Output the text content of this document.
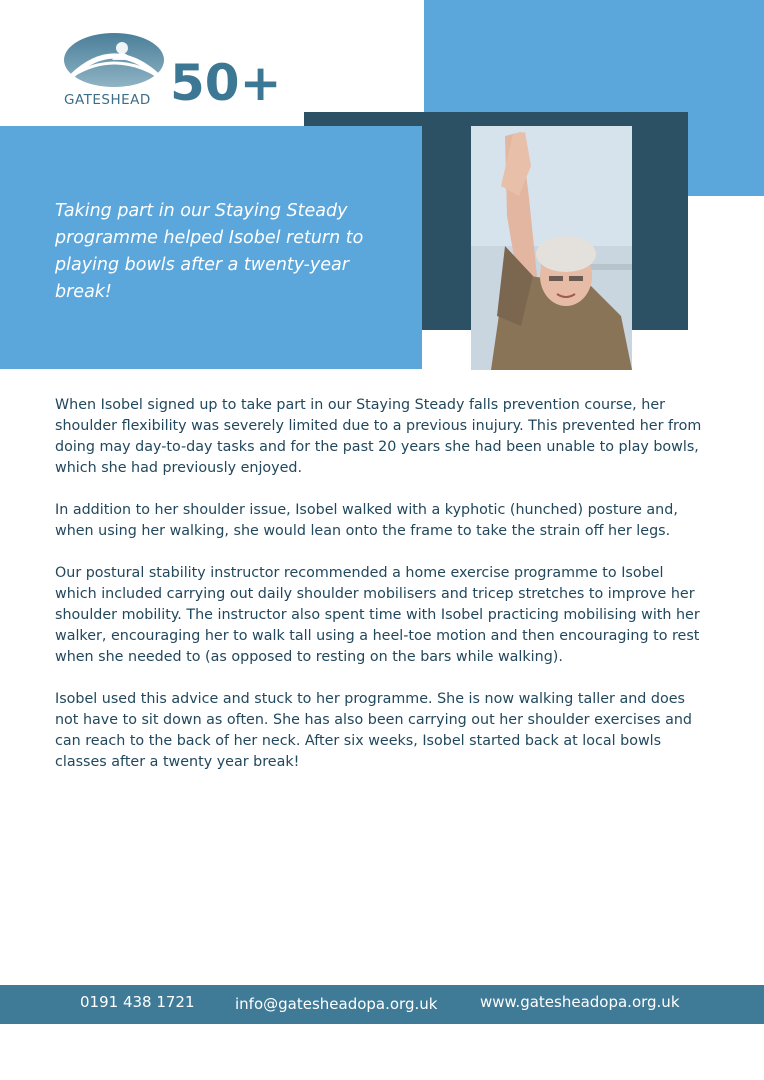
GATESHEAD 50+

Taking part in our Staying Steady programme helped Isobel return to playing bowls after a twenty-year break!

When Isobel signed up to take part in our Staying Steady falls prevention course, her shoulder flexibility was severely limited due to a previous inujury. This prevented her from doing may day-to-day tasks and for the past 20 years she had been unable to play bowls, which she had previously enjoyed.

In addition to her shoulder issue, Isobel walked with a kyphotic (hunched) posture and, when using her walking, she would lean onto the frame to take the strain off her legs.

Our postural stability instructor recommended a home exercise programme to Isobel which included carrying out daily shoulder mobilisers and tricep stretches to improve her shoulder mobility. The instructor also spent time with Isobel practicing mobilising with her walker, encouraging her to walk tall using a heel-toe motion and then encouraging to rest when she needed to (as opposed to resting on the bars while walking).

Isobel used this advice and stuck to her programme. She is now walking taller and does not have to sit down as often. She has also been carrying out her shoulder exercises and can reach to the back of her neck. After six weeks, Isobel started back at local bowls classes after a twenty year break!

0191 438 1721	info@gatesheadopa.org.uk	www.gatesheadopa.org.uk
